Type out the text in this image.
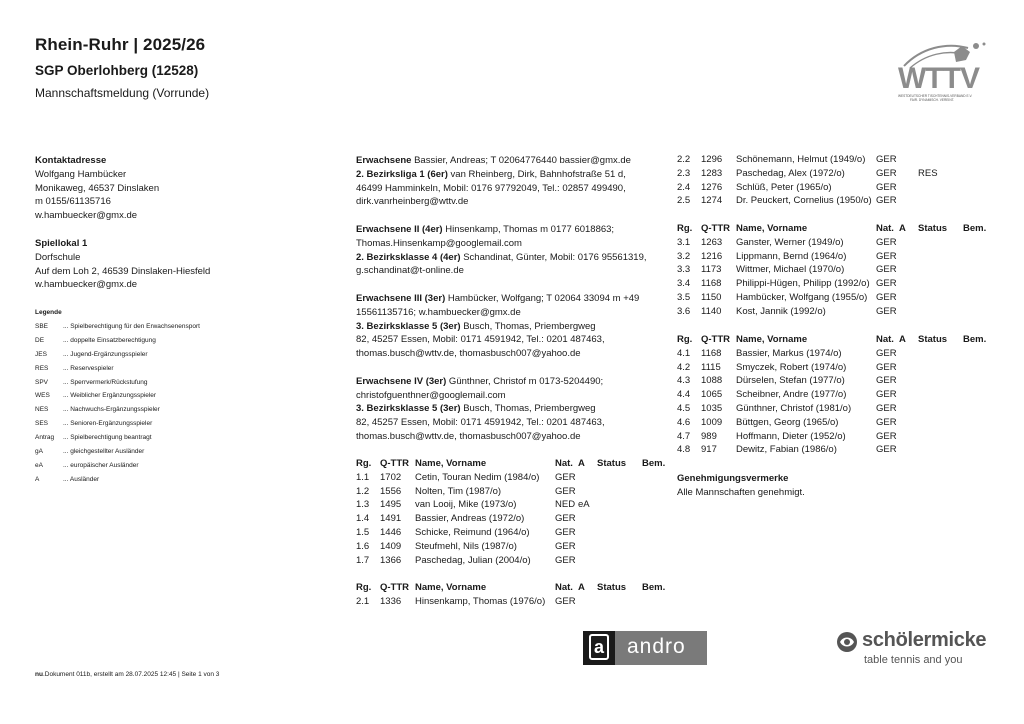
Rhein-Ruhr | 2025/26
SGP Oberlohberg (12528)
Mannschaftsmeldung (Vorrunde)	WTTV
WESTDEUTSCHER TISCHTENNIS-VERBAND E.V.
FAIR. DYNAMISCH. VEREINT.
Kontaktadresse
Wolfgang Hambücker
Monikaweg, 46537 Dinslaken
m 0155/61135716
w.hambuecker@gmx.de
Spiellokal 1
Dorfschule
Auf dem Loh 2, 46539 Dinslaken-Hiesfeld
w.hambuecker@gmx.de
Legende
SBE ... Spielberechtigung für den Erwachsenensport
DE	... doppelte Einsatzberechtigung
JES ... Jugend-Ergänzungsspieler
RES ... Reservespieler
SPV ... Sperrvermerk/Rückstufung
WES ... Weiblicher Ergänzungsspieler
NES ... Nachwuchs-Ergänzungsspieler
SES ... Senioren-Ergänzungsspieler
Antrag ... Spielberechtigung beantragt
gA	... gleichgestellter Ausländer
eA	... europäischer Ausländer
A	... Ausländer
Erwachsene Bassier, Andreas; T 02064776440 bassier@gmx.de
2. Bezirksliga 1 (6er) van Rheinberg, Dirk, Bahnhofstraße 51 d,
46499 Hamminkeln, Mobil: 0176 97792049, Tel.: 02857 499490,
dirk.vanrheinberg@wttv.de
Erwachsene II (4er) Hinsenkamp, Thomas m 0177 6018863;
Thomas.Hinsenkamp@googlemail.com
2. Bezirksklasse 4 (4er) Schandinat, Günter, Mobil: 0176 95561319,
g.schandinat@t-online.de
Erwachsene III (3er) Hambücker, Wolfgang; T 02064 33094 m +49
15561135716; w.hambuecker@gmx.de
3. Bezirksklasse 5 (3er) Busch, Thomas, Priembergweg
82, 45257 Essen, Mobil: 0171 4591942, Tel.: 0201 487463,
thomas.busch@wttv.de, thomasbusch007@yahoo.de
Erwachsene IV (3er) Günthner, Christof m 0173-5204490;
christofguenthner@googlemail.com
3. Bezirksklasse 5 (3er) Busch, Thomas, Priembergweg
82, 45257 Essen, Mobil: 0171 4591942, Tel.: 0201 487463,
thomas.busch@wttv.de, thomasbusch007@yahoo.de
Rg. Q-TTR Name, Vorname	Nat. A Status Bem.
1.1 1702 Cetin, Touran Nedim (1984/o) GER
1.2 1556 Nolten, Tim (1987/o)	GER
1.3 1495 van Looij, Mike (1973/o)	NED eA
1.4 1491 Bassier, Andreas (1972/o)	GER
1.5 1446 Schicke, Reimund (1964/o)	GER
1.6 1409 Steufmehl, Nils (1987/o)	GER
1.7 1366 Paschedag, Julian (2004/o)	GER
Rg. Q-TTR Name, Vorname	Nat. A Status Bem.
2.1 1336 Hinsenkamp, Thomas (1976/o) GER
2.2 1296 Schönemann, Helmut (1949/o) GER
2.3 1283 Paschedag, Alex (1972/o)	GER RES
2.4 1276 Schlüß, Peter (1965/o)	GER
2.5 1274 Dr. Peuckert, Cornelius (1950/o) GER
Rg. Q-TTR Name, Vorname	Nat. A Status Bem.
3.1 1263 Ganster, Werner (1949/o)	GER
3.2 1216 Lippmann, Bernd (1964/o)	GER
3.3 1173 Wittmer, Michael (1970/o)	GER
3.4 1168 Philippi-Hügen, Philipp (1992/o) GER
3.5 1150 Hambücker, Wolfgang (1955/o) GER
3.6 1140 Kost, Jannik (1992/o)	GER
Rg. Q-TTR Name, Vorname	Nat. A Status Bem.
4.1 1168 Bassier, Markus (1974/o)	GER
4.2 1115 Smyczek, Robert (1974/o)	GER
4.3 1088 Dürselen, Stefan (1977/o)	GER
4.4 1065 Scheibner, Andre (1977/o)	GER
4.5 1035 Günthner, Christof (1981/o)	GER
4.6 1009 Büttgen, Georg (1965/o)	GER
4.7 989 Hoffmann, Dieter (1952/o)	GER
4.8 917 Dewitz, Fabian (1986/o)	GER
Genehmigungsvermerke
Alle Mannschaften genehmigt.
a andro	schölermicke
table tennis and you
nu.Dokument 011b, erstellt am 28.07.2025 12:45 | Seite 1 von 3
